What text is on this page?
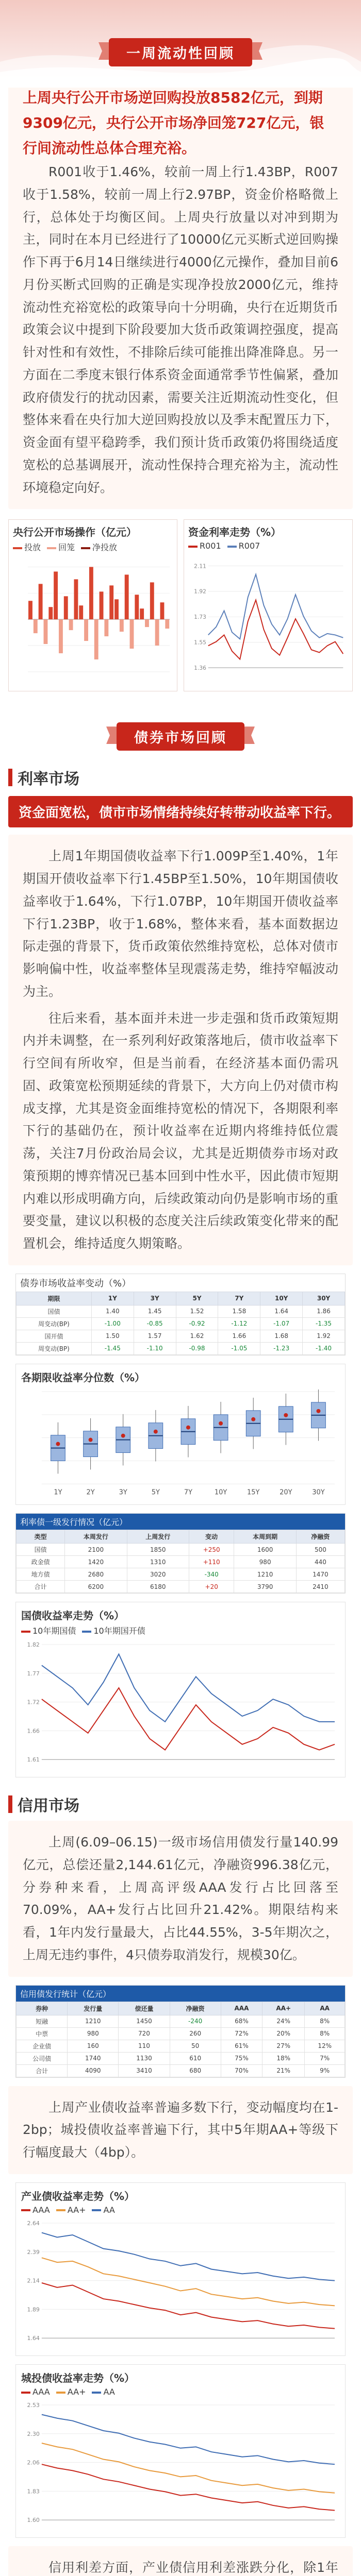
一周流动性回顾

上周央行公开市场逆回购投放8582亿元，到期9309亿元，央行公开市场净回笼727亿元，银行间流动性总体合理充裕。

R001收于1.46%，较前一周上行1.43BP，R007收于1.58%，较前一周上行2.97BP，资金价格略微上行，总体处于均衡区间。上周央行放量以对冲到期为主，同时在本月已经进行了10000亿元买断式逆回购操作下再于6月14日继续进行4000亿元操作，叠加目前6月份买断式回购的正确是实现净投放2000亿元，维持流动性充裕宽松的政策导向十分明确，央行在近期货币政策会议中提到下阶段要加大货币政策调控强度，提高针对性和有效性，不排除后续可能推出降准降息。另一方面在二季度末银行体系资金面通常季节性偏紧，叠加政府债发行的扰动因素，需要关注近期流动性变化，但整体来看在央行加大逆回购投放以及季末配置压力下，资金面有望平稳跨季，我们预计货币政策仍将围绕适度宽松的总基调展开，流动性保持合理充裕为主，流动性环境稳定向好。

央行公开市场操作（亿元）
投放	回笼	净投放
资金利率走势（%）
R001	R007
2.11
1.92
1.73
1.55
1.36
债券市场回顾
利率市场
资金面宽松，债市市场情绪持续好转带动收益率下行。

上周1年期国债收益率下行1.009P至1.40%，1年期国开债收益率下行1.45BP至1.50%，10年期国债收益率收于1.64%，下行1.07BP，10年期国开债收益率下行1.23BP，收于1.68%，整体来看，基本面数据边际走强的背景下，货币政策依然维持宽松，总体对债市影响偏中性，收益率整体呈现震荡走势，维持窄幅波动为主。

往后来看，基本面并未进一步走强和货币政策短期内并未调整，在一系列利好政策落地后，债市收益率下行空间有所收窄，但是当前看，在经济基本面仍需巩固、政策宽松预期延续的背景下，大方向上仍对债市构成支撑，尤其是资金面维持宽松的情况下，各期限利率下行的基础仍在，预计收益率在近期内将维持低位震荡，关注7月份政治局会议，尤其是近期债券市场对政策预期的博弈情况已基本回到中性水平，因此债市短期内难以形成明确方向，后续政策动向仍是影响市场的重要变量，建议以积极的态度关注后续政策变化带来的配置机会，维持适度久期策略。

债券市场收益率变动（%）
期限	1Y	3Y	5Y	7Y	10Y	30Y
国债	1.40	1.45	1.52	1.58	1.64	1.86
周变动(BP)	-1.00	-0.85	-0.92	-1.12	-1.07	-1.35
国开债	1.50	1.57	1.62	1.66	1.68	1.92
周变动(BP)	-1.45	-1.10	-0.98	-1.05	-1.23	-1.40
各期限收益率分位数（%）
1Y	2Y	3Y	5Y	7Y	10Y	15Y	20Y	30Y
利率债一级发行情况（亿元）
类型	本周发行	上周发行	变动	本周到期	净融资
国债	2100	1850	+250	1600	500
政金债	1420	1310	+110	980	440
地方债	2680	3020	-340	1210	1470
合计	6200	6180	+20	3790	2410
国债收益率走势（%）
10年期国债	10年期国开债
1.82
1.77
1.72
1.66
1.61
信用市场

上周(6.09–06.15)一级市场信用债发行量140.99亿元，总偿还量2,144.61亿元，净融资996.38亿元，分券种来看，上周高评级AAA发行占比回落至70.09%，AA+发行占比回升21.42%。期限结构来看，1年内发行量最大，占比44.55%，3-5年期次之，上周无违约事件，4只债券取消发行，规模30亿。

信用债发行统计（亿元）
券种	发行量	偿还量	净融资	AAA	AA+	AA
短融	1210	1450	-240	68%	24%	8%
中票	980	720	260	72%	20%	8%
企业债	160	110	50	61%	27%	12%
公司债	1740	1130	610	75%	18%	7%
合计	4090	3410	680	70%	21%	9%

上周产业债收益率普遍多数下行，变动幅度均在1-2bp；城投债收益率普遍下行，其中5年期AA+等级下行幅度最大（4bp）。

产业债收益率走势（%）
AAA	AA+	AA
2.64
2.39
2.14
1.89
1.64
城投债收益率走势（%）
AAA	AA+	AA
2.53
2.30
2.06
1.83
1.60

信用利差方面，产业债信用利差涨跌分化，除1年
